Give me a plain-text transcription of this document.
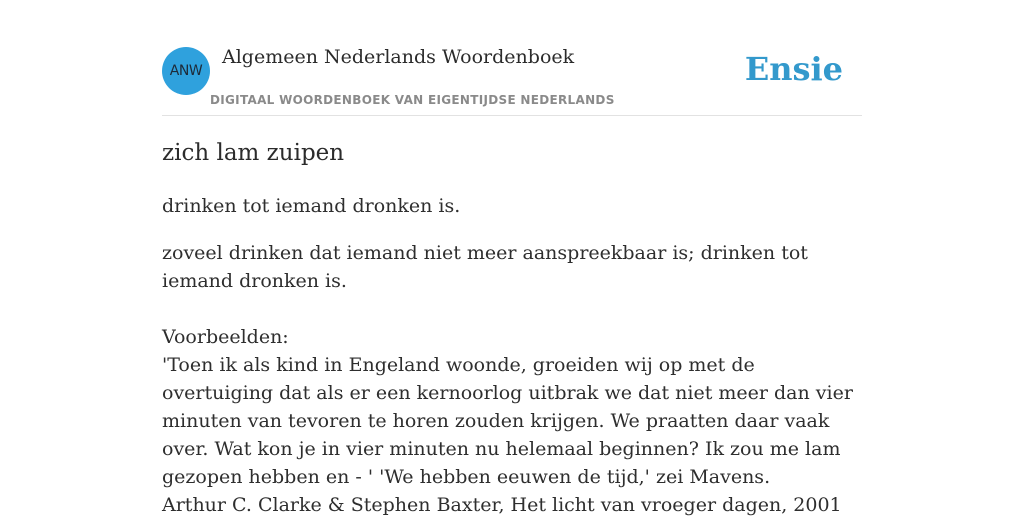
ANW
Algemeen Nederlands Woordenboek
DIGITAAL WOORDENBOEK VAN EIGENTIJDSE NEDERLANDS
Ensie
zich lam zuipen

drinken tot iemand dronken is.

zoveel drinken dat iemand niet meer aanspreekbaar is; drinken tot iemand dronken is.

Voorbeelden:

'Toen ik als kind in Engeland woonde, groeiden wij op met de overtuiging dat als er een kernoorlog uitbrak we dat niet meer dan vier minuten van tevoren te horen zouden krijgen. We praatten daar vaak over. Wat kon je in vier minuten nu helemaal beginnen? Ik zou me lam gezopen hebben en - ' 'We hebben eeuwen de tijd,' zei Mavens.

Arthur C. Clarke & Stephen Baxter, Het licht van vroeger dagen, 2001
